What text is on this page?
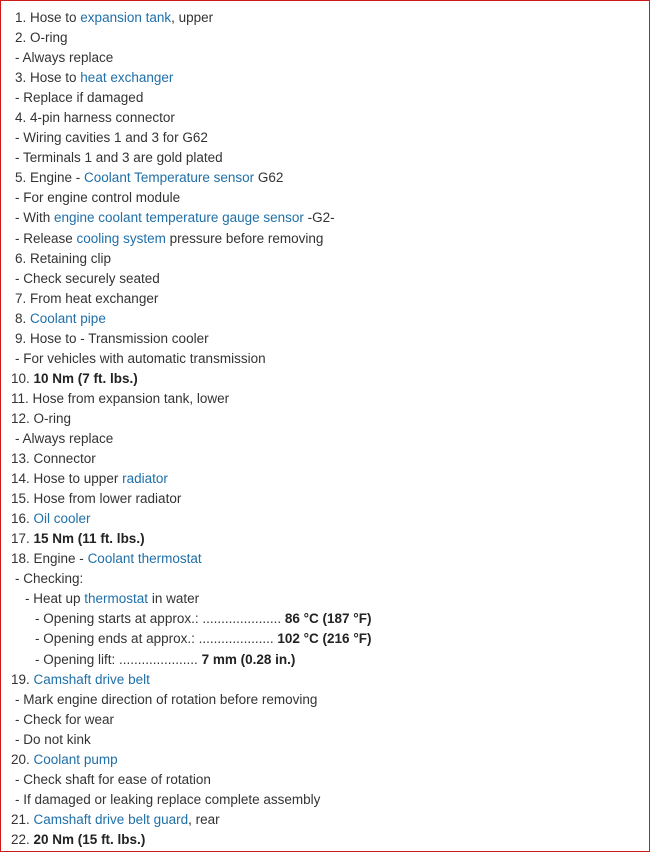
1. Hose to expansion tank, upper
2. O-ring
- Always replace
3. Hose to heat exchanger
- Replace if damaged
4. 4-pin harness connector
- Wiring cavities 1 and 3 for G62
- Terminals 1 and 3 are gold plated
5. Engine - Coolant Temperature sensor G62
- For engine control module
- With engine coolant temperature gauge sensor -G2-
- Release cooling system pressure before removing
6. Retaining clip
- Check securely seated
7. From heat exchanger
8. Coolant pipe
9. Hose to - Transmission cooler
- For vehicles with automatic transmission
10. 10 Nm (7 ft. lbs.)
11. Hose from expansion tank, lower
12. O-ring
- Always replace
13. Connector
14. Hose to upper radiator
15. Hose from lower radiator
16. Oil cooler
17. 15 Nm (11 ft. lbs.)
18. Engine - Coolant thermostat
- Checking:
- Heat up thermostat in water
- Opening starts at approx.: ..................... 86 °C (187 °F)
- Opening ends at approx.: .................... 102 °C (216 °F)
- Opening lift: ..................... 7 mm (0.28 in.)
19. Camshaft drive belt
- Mark engine direction of rotation before removing
- Check for wear
- Do not kink
20. Coolant pump
- Check shaft for ease of rotation
- If damaged or leaking replace complete assembly
21. Camshaft drive belt guard, rear
22. 20 Nm (15 ft. lbs.)
